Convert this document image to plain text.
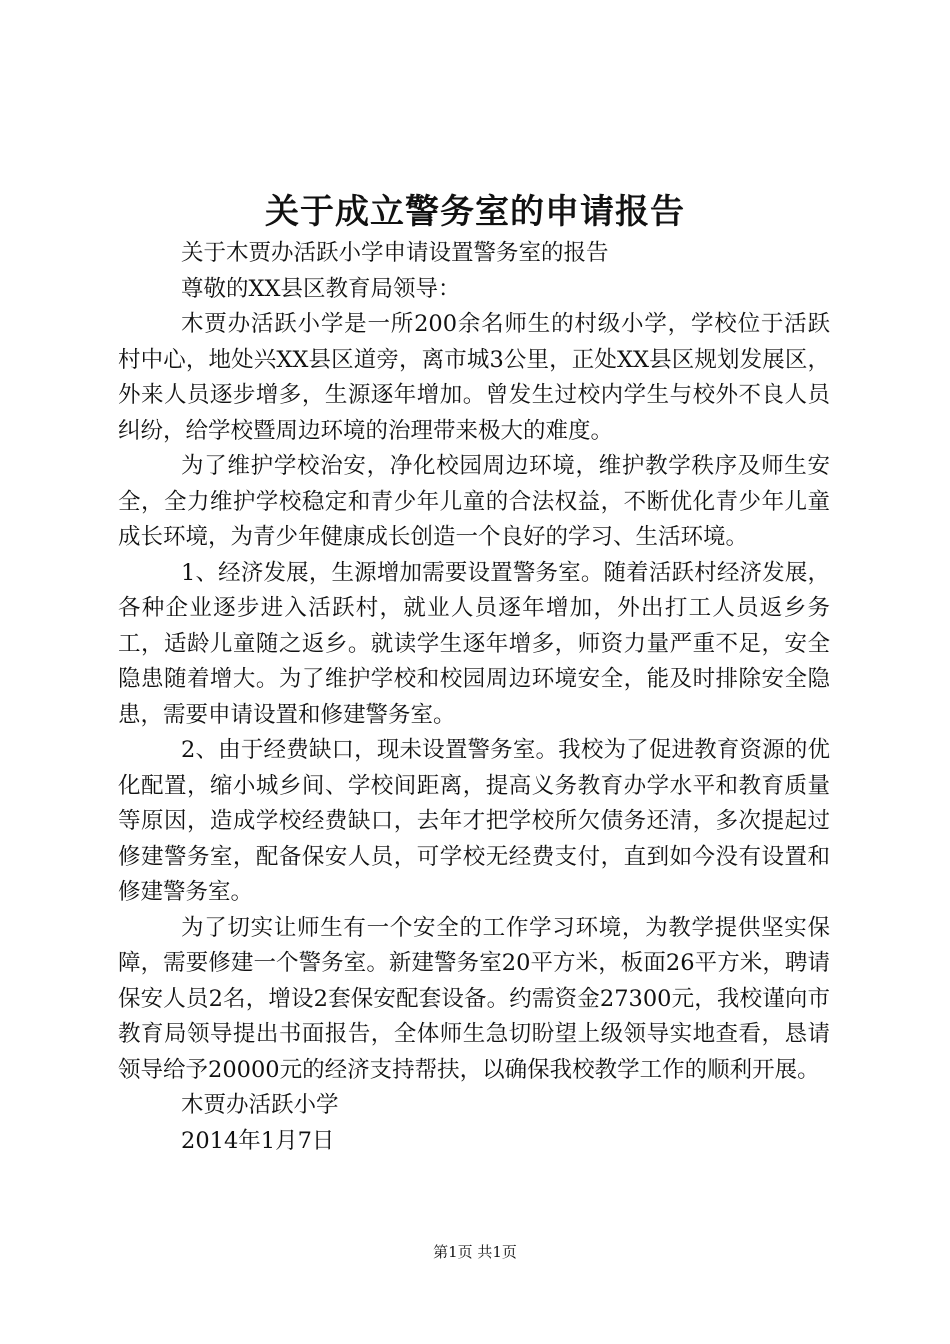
关于成立警务室的申请报告

关于木贾办活跃小学申请设置警务室的报告

尊敬的XX县区教育局领导：

木贾办活跃小学是一所200余名师生的村级小学，学校位于活跃村中心，地处兴XX县区道旁，离市城3公里，正处XX县区规划发展区，外来人员逐步增多，生源逐年增加。曾发生过校内学生与校外不良人员纠纷，给学校暨周边环境的治理带来极大的难度。

为了维护学校治安，净化校园周边环境，维护教学秩序及师生安全，全力维护学校稳定和青少年儿童的合法权益，不断优化青少年儿童成长环境，为青少年健康成长创造一个良好的学习、生活环境。

1、经济发展，生源增加需要设置警务室。随着活跃村经济发展，各种企业逐步进入活跃村，就业人员逐年增加，外出打工人员返乡务工，适龄儿童随之返乡。就读学生逐年增多，师资力量严重不足，安全隐患随着增大。为了维护学校和校园周边环境安全，能及时排除安全隐患，需要申请设置和修建警务室。

2、由于经费缺口，现未设置警务室。我校为了促进教育资源的优化配置，缩小城乡间、学校间距离，提高义务教育办学水平和教育质量等原因，造成学校经费缺口，去年才把学校所欠债务还清，多次提起过修建警务室，配备保安人员，可学校无经费支付，直到如今没有设置和修建警务室。

为了切实让师生有一个安全的工作学习环境，为教学提供坚实保障，需要修建一个警务室。新建警务室20平方米，板面26平方米，聘请保安人员2名，增设2套保安配套设备。约需资金27300元，我校谨向市教育局领导提出书面报告，全体师生急切盼望上级领导实地查看，恳请领导给予20000元的经济支持帮扶，以确保我校教学工作的顺利开展。

木贾办活跃小学

2014年1月7日

第1页 共1页
